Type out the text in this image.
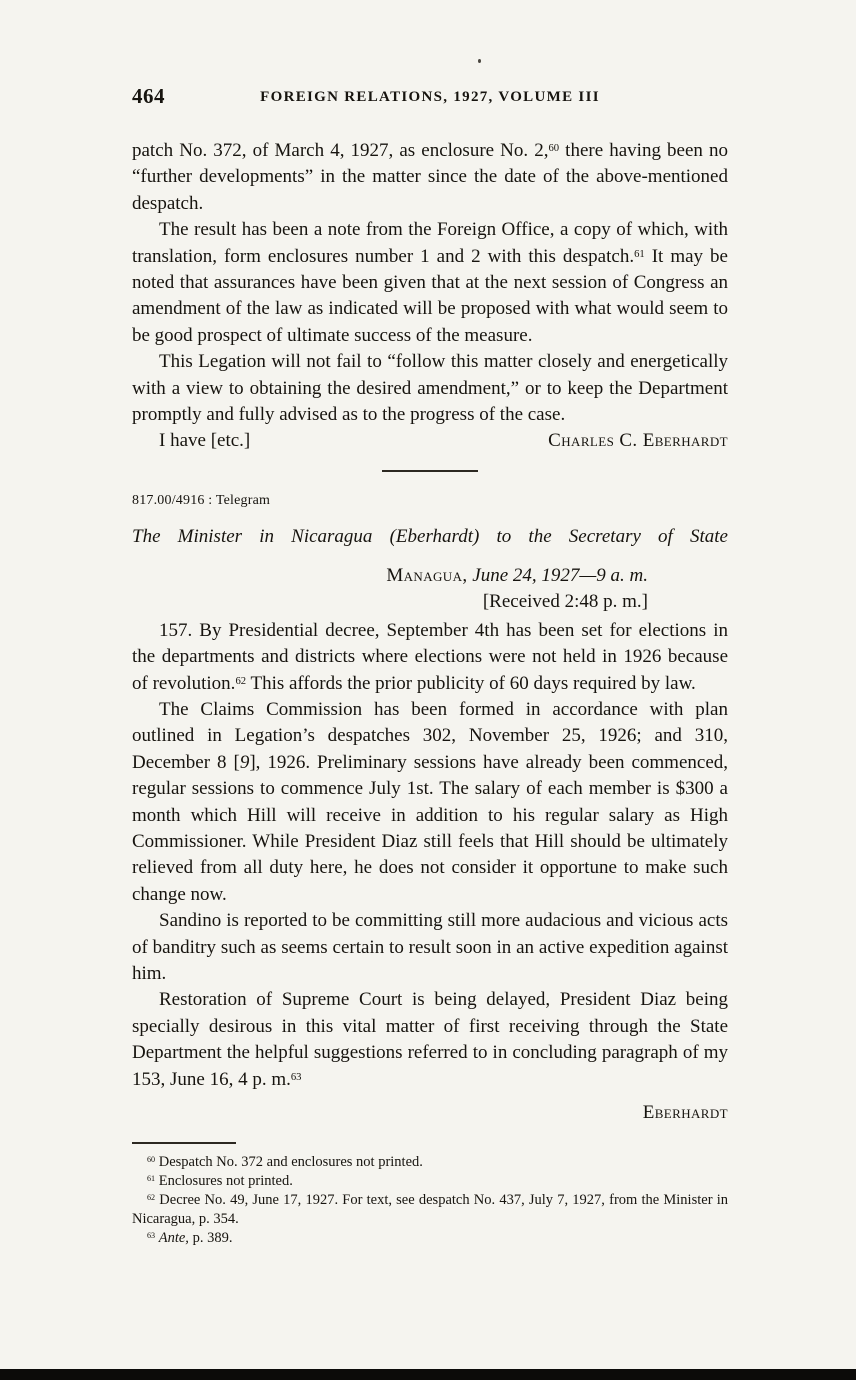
464	FOREIGN RELATIONS, 1927, VOLUME III

patch No. 372, of March 4, 1927, as enclosure No. 2,60 there having been no “further developments” in the matter since the date of the above-mentioned despatch.

The result has been a note from the Foreign Office, a copy of which, with translation, form enclosures number 1 and 2 with this despatch.$^{61}$ It may be noted that assurances have been given that at the next session of Congress an amendment of the law as indicated will be proposed with what would seem to be good prospect of ultimate success of the measure.

This Legation will not fail to “follow this matter closely and energetically with a view to obtaining the desired amendment,” or to keep the Department promptly and fully advised as to the progress of the case.

I have [etc.]	Charles C. Eberhardt
817.00/4916 : Telegram
The Minister in Nicaragua (Eberhardt) to the Secretary of State
Managua, June 24, 1927—9 a. m.
[Received 2:48 p. m.]

157. By Presidential decree, September 4th has been set for elections in the departments and districts where elections were not held in 1926 because of revolution.$^{62}$ This affords the prior publicity of 60 days required by law.

The Claims Commission has been formed in accordance with plan outlined in Legation’s despatches 302, November 25, 1926; and 310, December 8 [9], 1926. Preliminary sessions have already been commenced, regular sessions to commence July 1st. The salary of each member is $300 a month which Hill will receive in addition to his regular salary as High Commissioner. While President Diaz still feels that Hill should be ultimately relieved from all duty here, he does not consider it opportune to make such change now.

Sandino is reported to be committing still more audacious and vicious acts of banditry such as seems certain to result soon in an active expedition against him.

Restoration of Supreme Court is being delayed, President Diaz being specially desirous in this vital matter of first receiving through the State Department the helpful suggestions referred to in concluding paragraph of my 153, June 16, 4 p. m.$^{63}$

Eberhardt

$^{60}$ Despatch No. 372 and enclosures not printed.

$^{61}$ Enclosures not printed.

$^{62}$ Decree No. 49, June 17, 1927. For text, see despatch No. 437, July 7, 1927, from the Minister in Nicaragua, p. 354.

$^{63}$ Ante, p. 389.
